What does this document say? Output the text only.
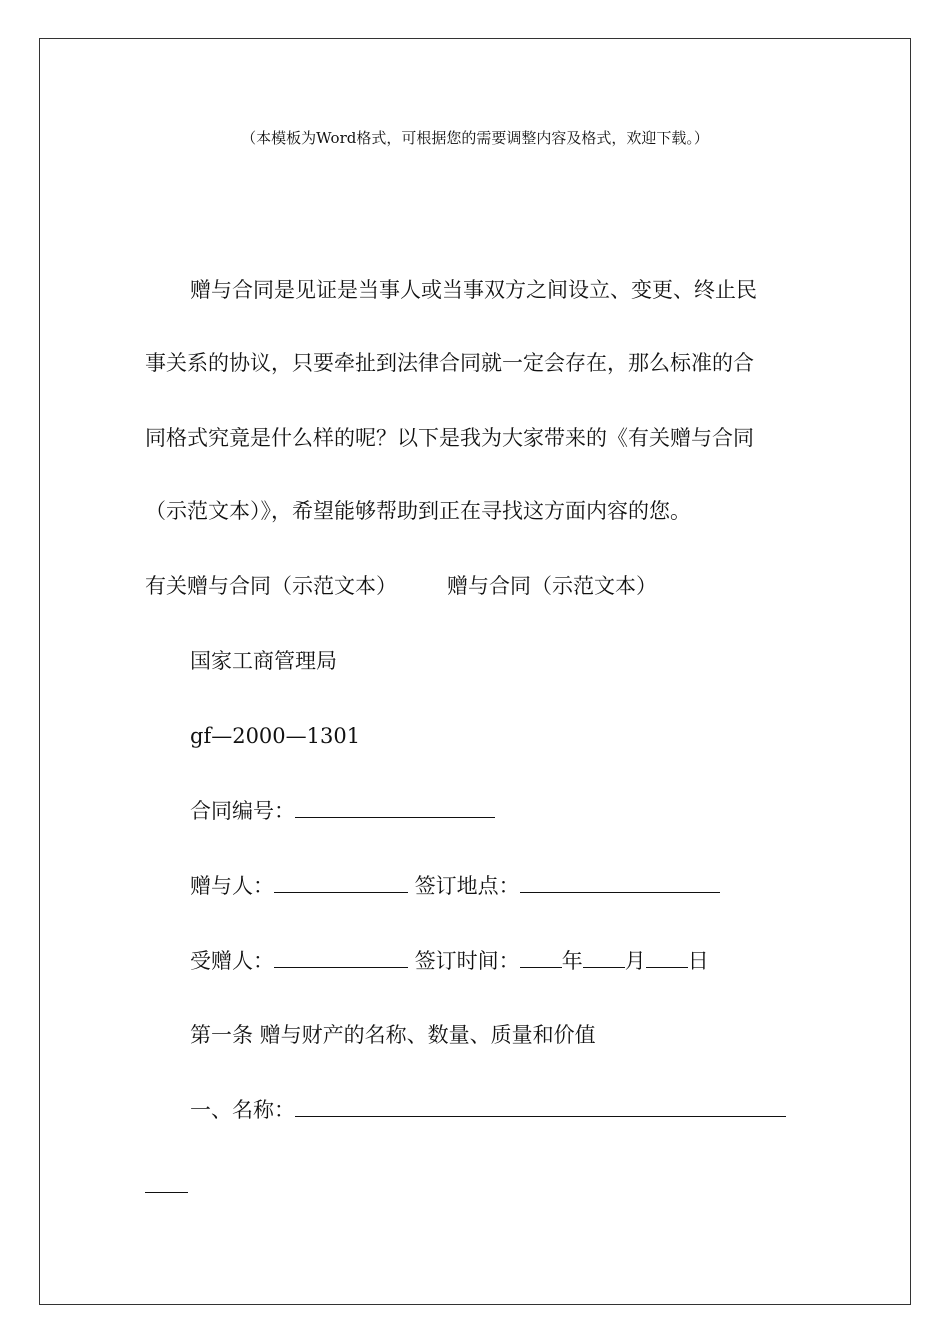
（本模板为Word格式，可根据您的需要调整内容及格式，欢迎下载。）
赠与合同是见证是当事人或当事双方之间设立、变更、终止民
事关系的协议，只要牵扯到法律合同就一定会存在，那么标准的合
同格式究竟是什么样的呢？以下是我为大家带来的《有关赠与合同
（示范文本）》，希望能够帮助到正在寻找这方面内容的您。
有关赠与合同（示范文本） 赠与合同（示范文本）
国家工商管理局
gf—2000—1301
合同编号：
赠与人：	签订地点：
受赠人：	签订时间： 年 月 日
第一条 赠与财产的名称、数量、质量和价值
一、名称：
